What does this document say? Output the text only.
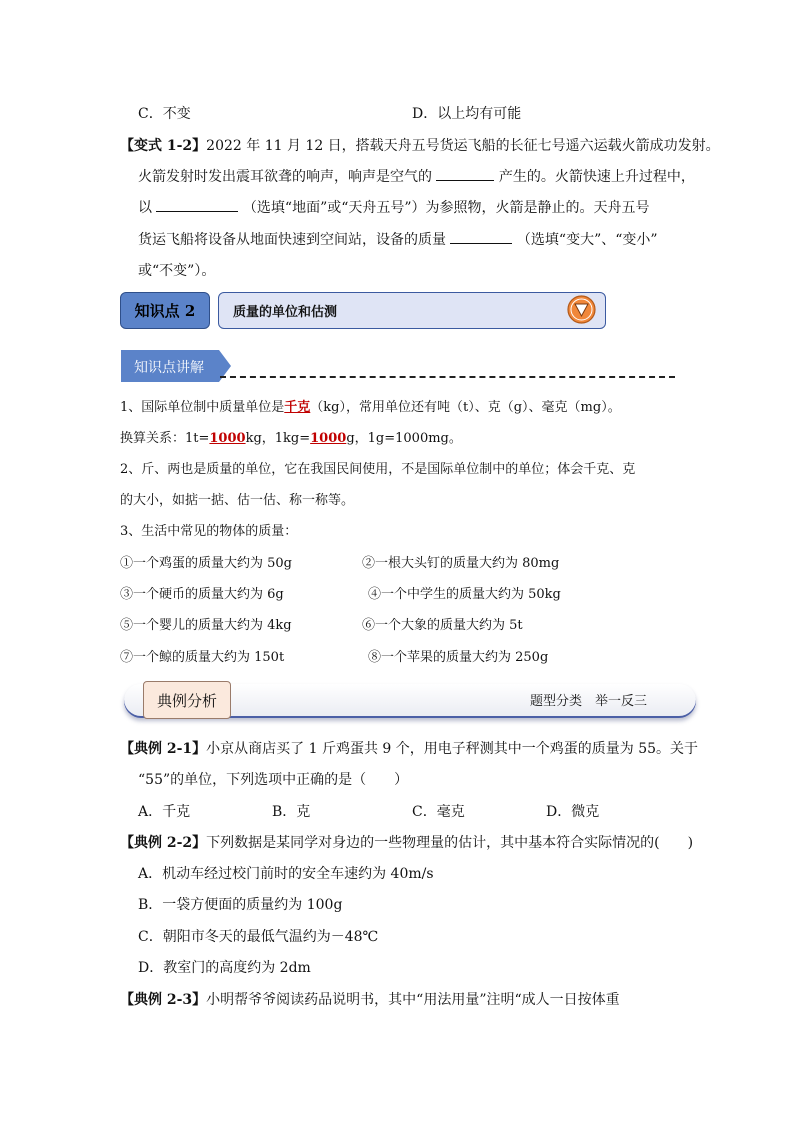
C．不变	D．以上均有可能
【变式 1-2】2022 年 11 月 12 日，搭载天舟五号货运飞船的长征七号遥六运载火箭成功发射。
火箭发射时发出震耳欲聋的响声，响声是空气的	产生的。火箭快速上升过程中，
以	（选填“地面”或“天舟五号”）为参照物，火箭是静止的。天舟五号
货运飞船将设备从地面快速到空间站，设备的质量	（选填“变大”、“变小”
或“不变”）。
知识点 2	质量的单位和估测
知识点讲解
1、国际单位制中质量单位是千克（kg），常用单位还有吨（t）、克（g）、毫克（mg）。
换算关系：1t=1000kg，1kg=1000g，1g=1000mg。
2、斤、两也是质量的单位，它在我国民间使用，不是国际单位制中的单位；体会千克、克
的大小，如掂一掂、估一估、称一称等。
3、生活中常见的物体的质量：
①一个鸡蛋的质量大约为 50g	②一根大头钉的质量大约为 80mg
③一个硬币的质量大约为 6g	④一个中学生的质量大约为 50kg
⑤一个婴儿的质量大约为 4kg	⑥一个大象的质量大约为 5t
⑦一个鲸的质量大约为 150t	⑧一个苹果的质量大约为 250g
典例分析	题型分类　举一反三
【典例 2-1】小京从商店买了 1 斤鸡蛋共 9 个，用电子秤测其中一个鸡蛋的质量为 55。关于
“55”的单位，下列选项中正确的是（　　）
A．千克	B．克	C．毫克	D．微克
【典例 2-2】下列数据是某同学对身边的一些物理量的估计，其中基本符合实际情况的(　　)
A．机动车经过校门前时的安全车速约为 40m/s
B．一袋方便面的质量约为 100g
C．朝阳市冬天的最低气温约为－48℃
D．教室门的高度约为 2dm
【典例 2-3】小明帮爷爷阅读药品说明书，其中“用法用量”注明“成人一日按体重
